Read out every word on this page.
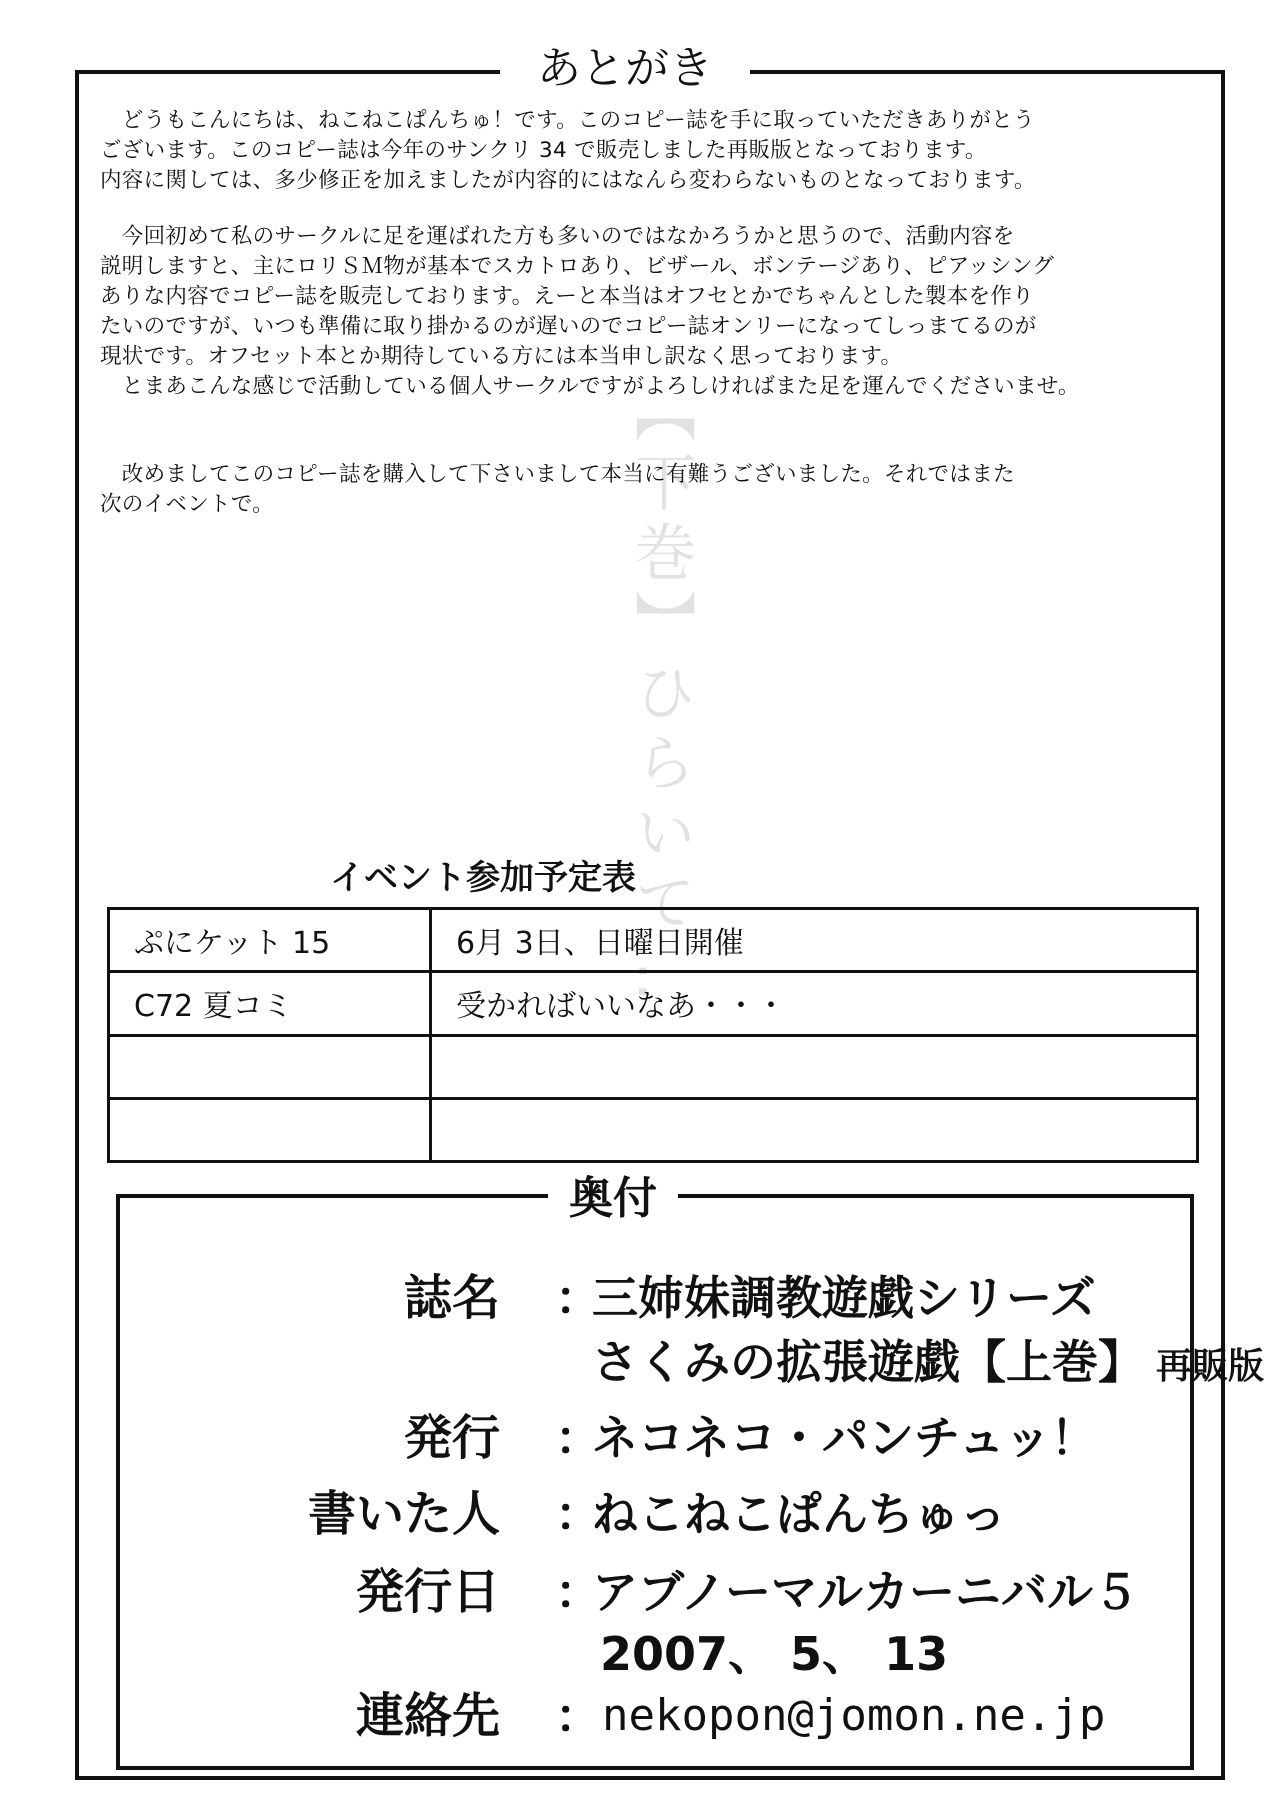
あとがき
【下巻】ひらいて…

　どうもこんにちは、ねこねこぱんちゅ！です。このコピー誌を手に取っていただきありがとう
ございます。このコピー誌は今年のサンクリ 34 で販売しました再販版となっております。
内容に関しては、多少修正を加えましたが内容的にはなんら変わらないものとなっております。

　今回初めて私のサークルに足を運ばれた方も多いのではなかろうかと思うので、活動内容を
説明しますと、主にロリＳＭ物が基本でスカトロあり、ビザール、ボンテージあり、ピアッシング
ありな内容でコピー誌を販売しております。えーと本当はオフセとかでちゃんとした製本を作り
たいのですが、いつも準備に取り掛かるのが遅いのでコピー誌オンリーになってしっまてるのが
現状です。オフセット本とか期待している方には本当申し訳なく思っております。
　とまあこんな感じで活動している個人サークルですがよろしければまた足を運んでくださいませ。

　改めましてこのコピー誌を購入して下さいまして本当に有難うございました。それではまた
次のイベントで。

イベント参加予定表
ぷにケット 15	6月 3日、日曜日開催
C72 夏コミ	受かればいいなあ・・・

奥付
誌名 ：
三姉妹調教遊戯シリーズ
さくみの拡張遊戯【上巻】 再販版
発行 ：
ネコネコ・パンチュッ！
書いた人 ：
ねこねこぱんちゅっ
発行日 ：
アブノーマルカーニバル５
2007、 5、 13
連絡先 ： nekopon@jomon.ne.jp
